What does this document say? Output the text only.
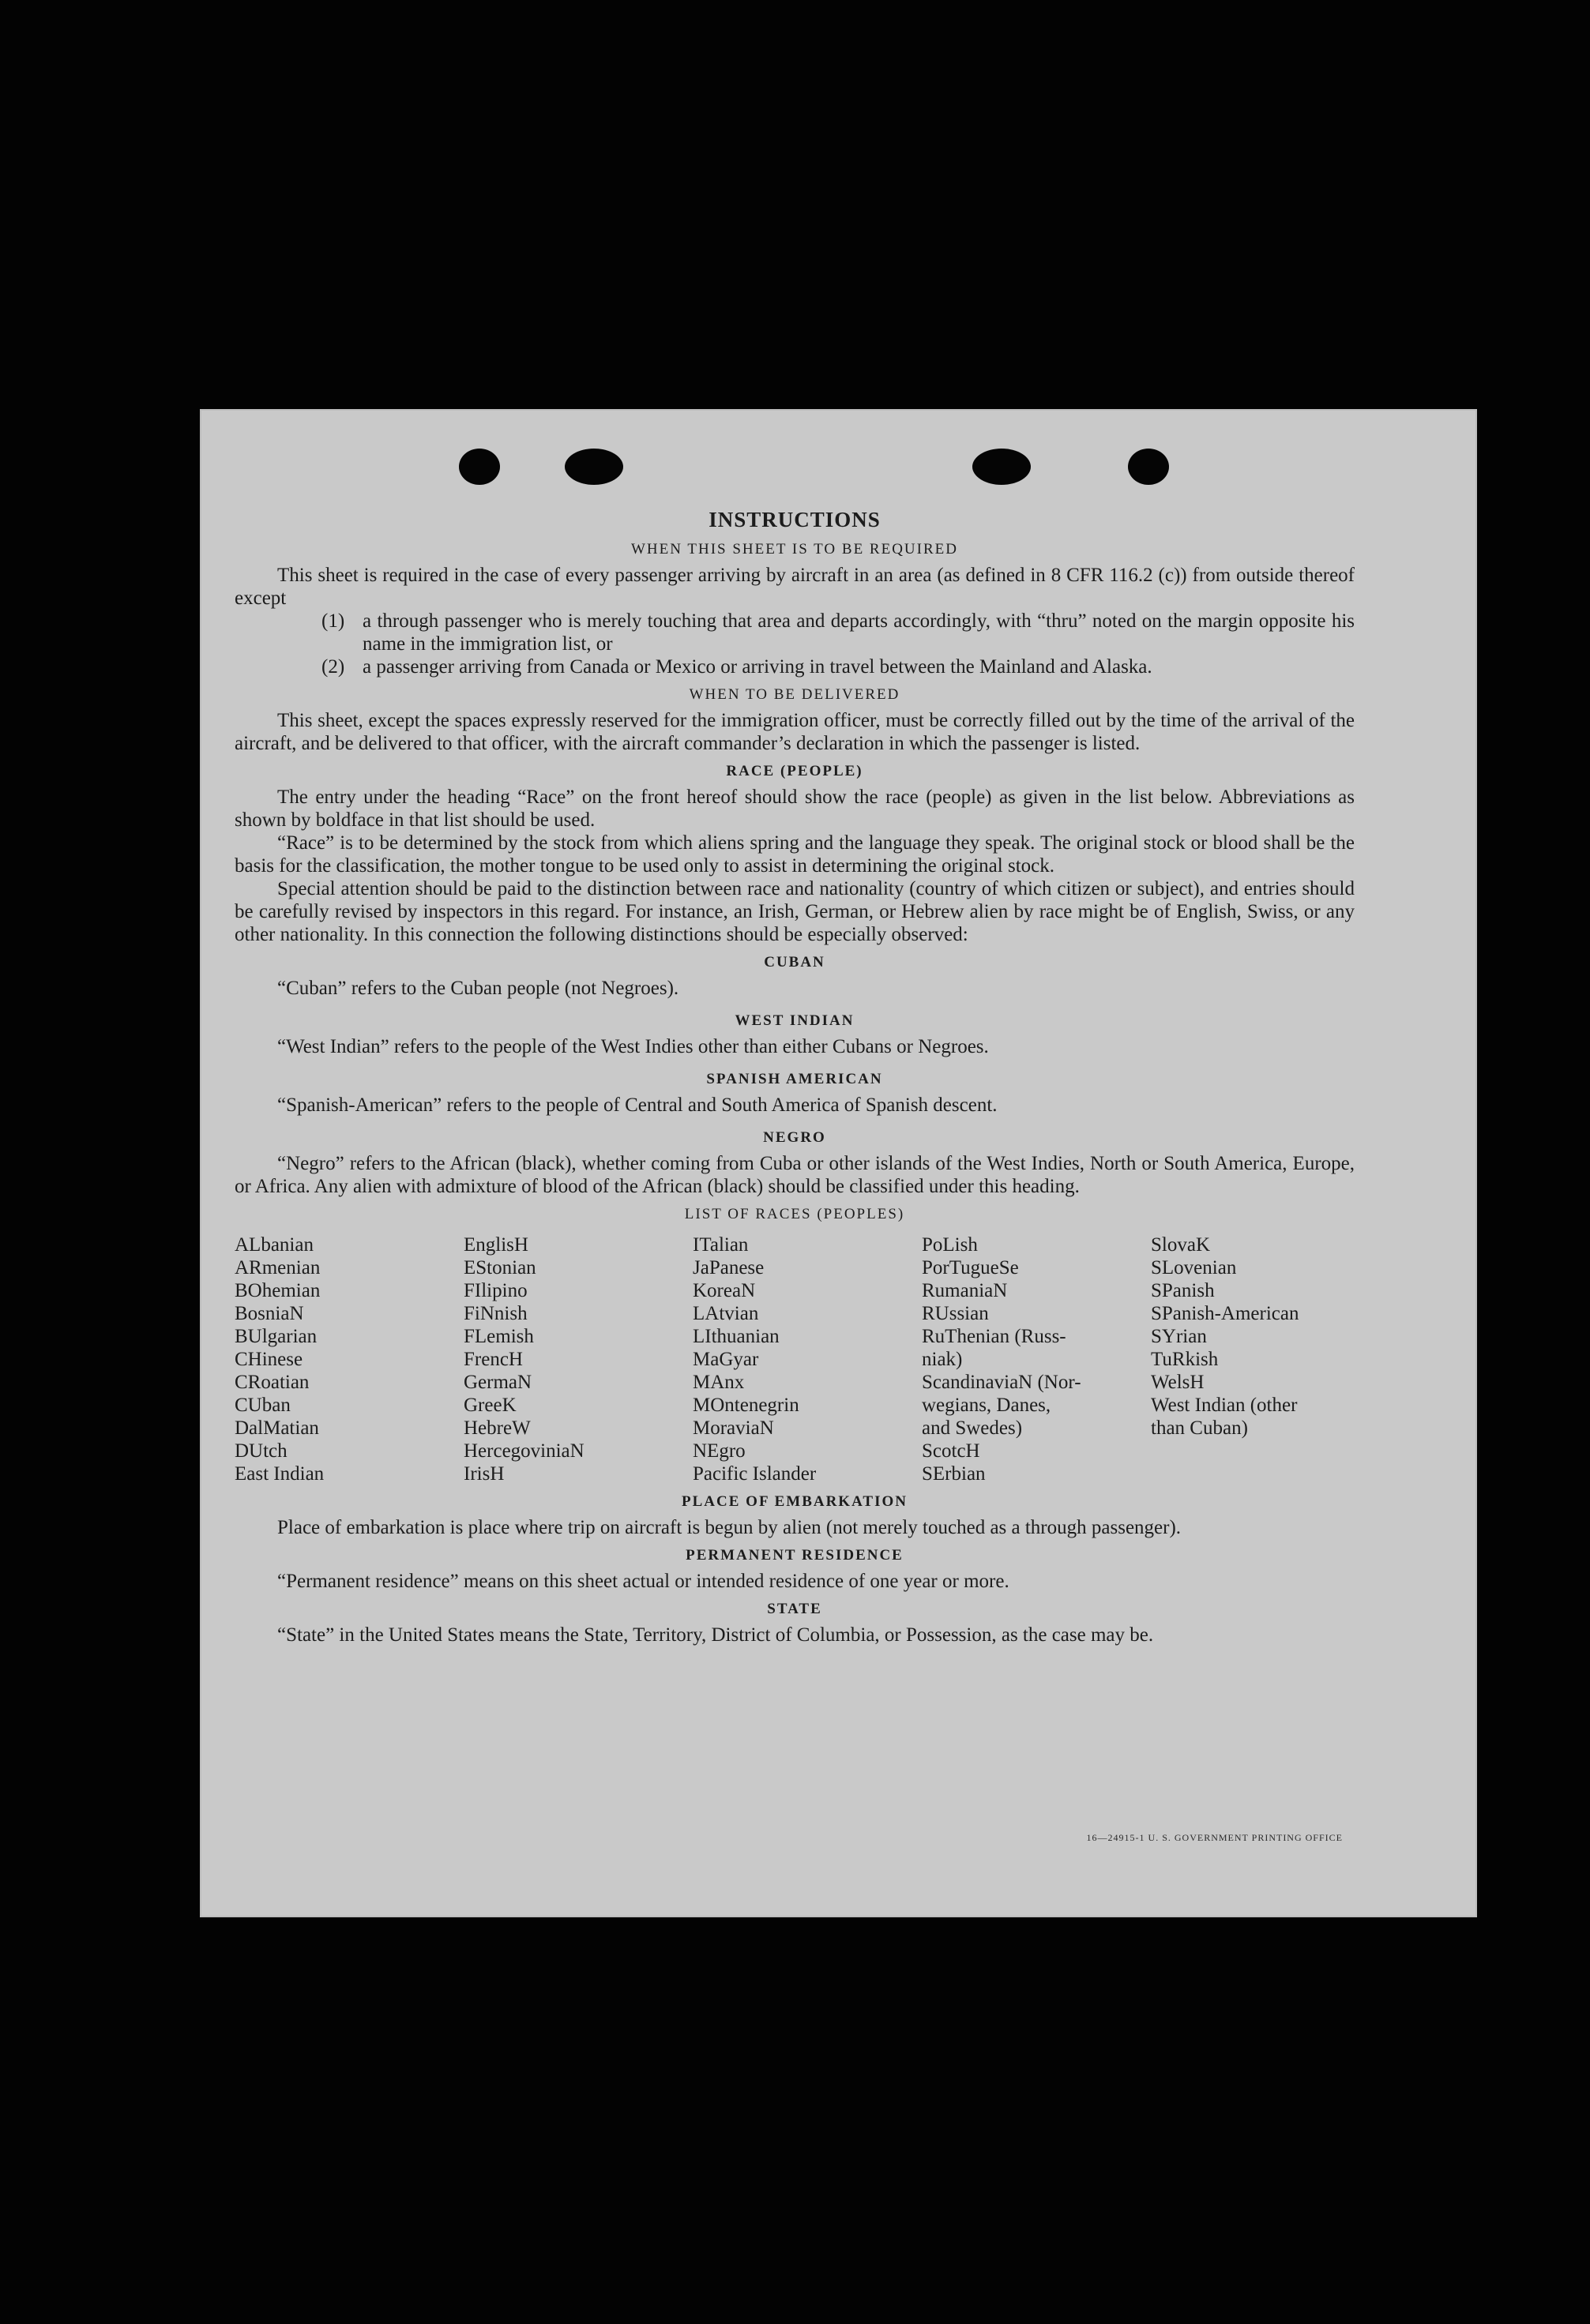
INSTRUCTIONS
WHEN THIS SHEET IS TO BE REQUIRED

This sheet is required in the case of every passenger arriving by aircraft in an area (as defined in 8 CFR 116.2 (c)) from outside thereof except

(1) a through passenger who is merely touching that area and departs accordingly, with “thru” noted on the margin opposite his name in the immigration list, or
(2) a passenger arriving from Canada or Mexico or arriving in travel between the Mainland and Alaska.
WHEN TO BE DELIVERED

This sheet, except the spaces expressly reserved for the immigration officer, must be correctly filled out by the time of the arrival of the aircraft, and be delivered to that officer, with the aircraft commander’s declaration in which the passenger is listed.

RACE (PEOPLE)

The entry under the heading “Race” on the front hereof should show the race (people) as given in the list below. Abbreviations as shown by boldface in that list should be used.

“Race” is to be determined by the stock from which aliens spring and the language they speak. The original stock or blood shall be the basis for the classification, the mother tongue to be used only to assist in determining the original stock.

Special attention should be paid to the distinction between race and nationality (country of which citizen or subject), and entries should be carefully revised by inspectors in this regard. For instance, an Irish, German, or Hebrew alien by race might be of English, Swiss, or any other nationality. In this connection the following distinctions should be especially observed:

CUBAN

“Cuban” refers to the Cuban people (not Negroes).

WEST INDIAN

“West Indian” refers to the people of the West Indies other than either Cubans or Negroes.

SPANISH AMERICAN

“Spanish-American” refers to the people of Central and South America of Spanish descent.

NEGRO

“Negro” refers to the African (black), whether coming from Cuba or other islands of the West Indies, North or South America, Europe, or Africa. Any alien with admixture of blood of the African (black) should be classified under this heading.

LIST OF RACES (PEOPLES)
ALbanian
ARmenian
BOhemian
BosniaN
BUlgarian
CHinese
CRoatian
CUban
DalMatian
DUtch
East Indian
EnglisH
EStonian
FIlipino
FiNnish
FLemish
FrencH
GermaN
GreeK
HebreW
HercegoviniaN
IrisH
ITalian
JaPanese
KoreaN
LAtvian
LIthuanian
MaGyar
MAnx
MOntenegrin
MoraviaN
NEgro
Pacific Islander
PoLish
PorTugueSe
RumaniaN
RUssian
RuThenian (Russ-
niak)
ScandinaviaN (Nor-
wegians, Danes,
and Swedes)
ScotcH
SErbian
SlovaK
SLovenian
SPanish
SPanish-American
SYrian
TuRkish
WelsH
West Indian (other
than Cuban)
PLACE OF EMBARKATION

Place of embarkation is place where trip on aircraft is begun by alien (not merely touched as a through passenger).

PERMANENT RESIDENCE

“Permanent residence” means on this sheet actual or intended residence of one year or more.

STATE

“State” in the United States means the State, Territory, District of Columbia, or Possession, as the case may be.

16—24915-1 U. S. GOVERNMENT PRINTING OFFICE
